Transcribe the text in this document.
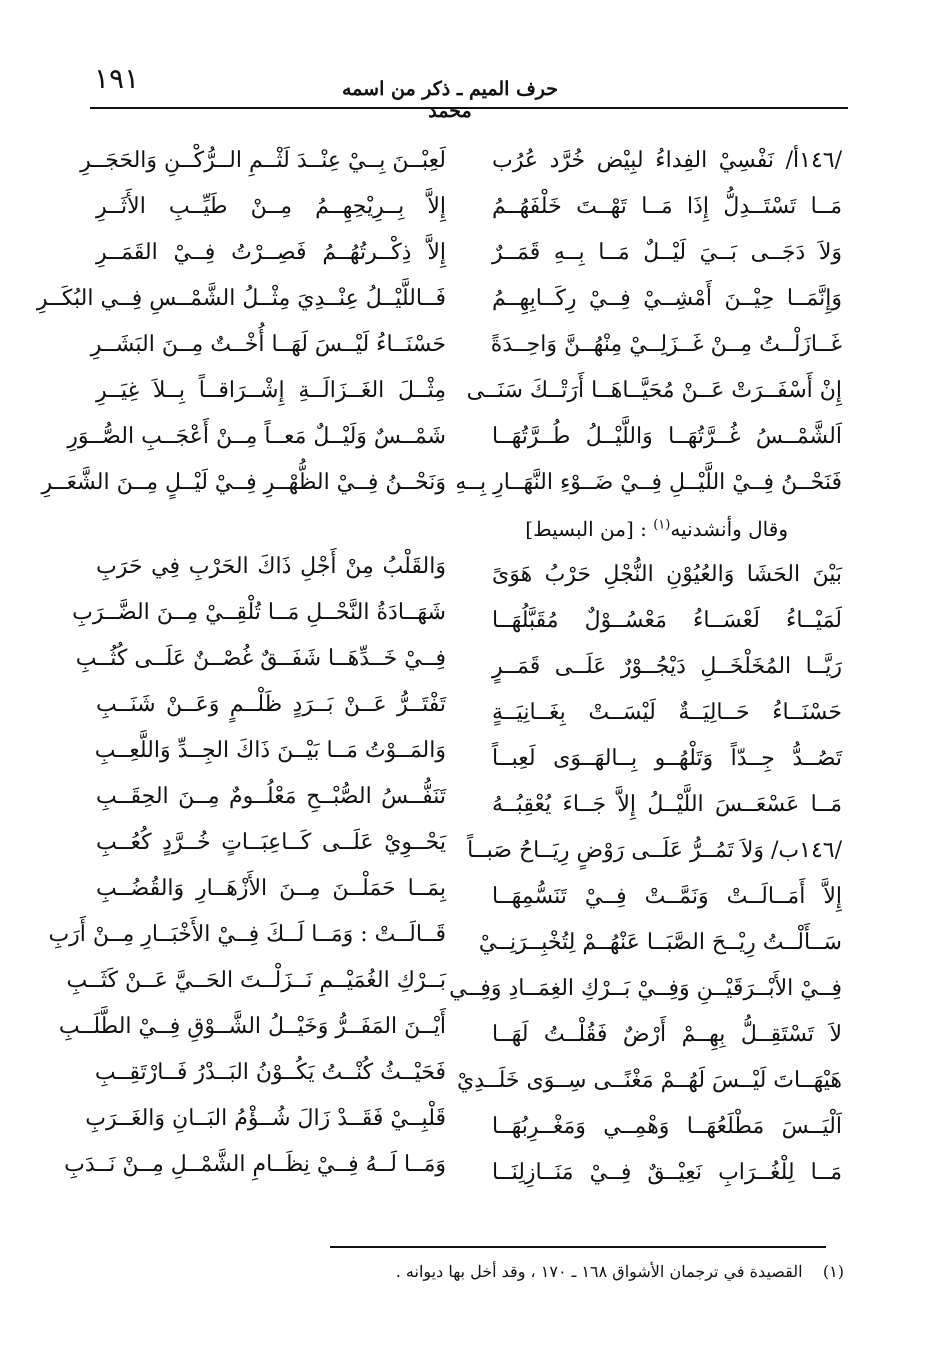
١٩١	حرف الميم ـ ذكر من اسمه محمد
/١٤٦أ/ نَفْسِيْ الفِداءُ لبِيْض خُرَّد عُرُب
مَــا تَسْتَــدِلُّ إِذَا مَــا تَهْــتَ خَلْفَهُــمُ
وَلاَ دَجَــى بَــيَ لَيْــلٌ مَــا بِــهِ قَمَــرٌ
وَإِنَّمَــا حِيْــنَ أَمْشِــيْ فِــيْ رِكَــابِهِــمُ
غَــازَلْــتُ مِــنْ غَــزَلِــيْ مِنْهُــنَّ وَاحِــدَةً
إِنْ أَسْفَــرَتْ عَــنْ مُحَيَّــاهَــا أَرَتْــكَ سَنَــى
اَلشَّمْــسُ غُــرَّتُهَــا وَاللَّيْــلُ طُــرَّتُهَــا
فَنَحْــنُ فِــيْ اللَّيْــلِ فِــيْ ضَــوْءِ النَّهَــارِ بِــهِ
وقال وأنشدنيه$^{(١)}$ : [من البسيط]
بَيْنَ الحَشَا وَالعُيُوْنِ النُّجْلِ حَرْبُ هَوَىً
لَمَيْــاءُ لَعْسَــاءُ مَعْسُــوْلٌ مُقَبَّلُهَــا
رَيَّــا المُخَلْخَــلِ دَيْجُــوْرٌ عَلَــى قَمَــرٍ
حَسْنَــاءُ حَــالِيَــةٌ لَيْسَــتْ بِغَــانِيَــةٍ
تَصُــدُّ جِــدّاً وَتَلْهُــو بِــالهَــوَى لَعِبــاً
مَــا عَسْعَــسَ اللَّيْــلُ إِلاَّ جَــاءَ يُعْقِبُــهُ
/١٤٦ب/ وَلاَ تَمُــرُّ عَلَــى رَوْضٍ رِيَــاحُ صَبــاً
إِلاَّ أَمَــالَــتْ وَنَمَّــتْ فِــيْ تَنَسُّمِهَــا
سَــأَلْــتُ رِيْــحَ الصَّبَــا عَنْهُــمْ لِتُخْبِــرَنِــيْ
فِــيْ الأَبْــرَقَيْــنِ وَفِــيْ بَــرْكِ الغِمَــادِ وَفِــي
لاَ تَسْتَقِــلُّ بِهِــمْ أَرْضٌ فَقُلْــتُ لَهَــا
هَيْهَــاتَ لَيْــسَ لَهُــمْ مَغْنًــى سِــوَى خَلَــدِيْ
اَلْيَــسَ مَطْلَعُهَــا وَهْمِــي وَمَغْــرِبُهَــا
مَــا لِلْغُــرَابِ نَعِيْــقٌ فِــيْ مَنَــازِلِنَــا
لَعِبْــنَ بِــيْ عِنْــدَ لَثْــمِ الــرُّكْــنِ وَالحَجَــرِ
إِلاَّ بِــرِيْحِهِــمُ مِــنْ طَيِّــبِ الأَثَــرِ
إِلاَّ ذِكْــرتُهُــمُ فَصِــرْتُ فِــيْ القَمَــرِ
فَــاللَّيْــلُ عِنْــدِيَ مِثْــلُ الشَّمْــسِ فِــي البُكَــرِ
حَسْنَــاءُ لَيْــسَ لَهَــا أُخْــتٌ مِــنَ البَشَــرِ
مِثْــلَ الغَــزَالَــةِ إِشْــرَاقــاً بِــلاَ غِيَــرِ
شَمْــسٌ وَلَيْــلٌ مَعــاً مِــنْ أَعْجَــبِ الصُّــوَرِ
وَنَحْــنُ فِــيْ الظُّهْــرِ فِــيْ لَيْــلٍ مِــنَ الشَّعَــرِ
وَالقَلْبُ مِنْ أَجْلِ ذَاكَ الحَرْبِ فِي حَرَبِ
شَهَــادَةُ النَّحْــلِ مَــا تُلْقِــيْ مِــنَ الضَّــرَبِ
فِــيْ خَــدِّهَــا شَفَــقٌ غُصْــنٌ عَلَــى كُثُــبِ
تَفْتَــرُّ عَــنْ بَــرَدٍ ظَلْــمٍ وَعَــنْ شَنَــبِ
وَالمَــوْتُ مَــا بَيْــنَ ذَاكَ الجِــدِّ وَاللَّعِــبِ
تَنَفُّــسُ الصُّبْــحِ مَعْلُــومٌ مِــنَ الحِقَــبِ
يَحْــوِيْ عَلَــى كَــاعِبَــاتٍ خُــرَّدٍ كُعُــبِ
بِمَــا حَمَلْــنَ مِــنَ الأَزْهَــارِ وَالقُضُــبِ
قَــالَــتْ : وَمَــا لَــكَ فِــيْ الأَخْبَــارِ مِــنْ أَرَبِ
بَــرْكِ الغُمَيْــمِ نَــزَلْــتَ الحَــيَّ عَــنْ كَثَــبِ
أَيْــنَ المَفَــرُّ وَخَيْــلُ الشَّــوْقِ فِــيْ الطَّلَــبِ
فَحَيْــثُ كُنْــتُ يَكُــوْنُ البَــدْرُ فَــارْتَقِــبِ
قَلْبِــيْ فَقَــدْ زَالَ شُــؤْمُ البَــانِ وَالغَــرَبِ
وَمَــا لَــهُ فِــيْ نِظَــامِ الشَّمْــلِ مِــنْ نَــدَبِ
(١)    القصيدة في ترجمان الأشواق ١٦٨ ـ ١٧٠ ، وقد أخل بها ديوانه .
